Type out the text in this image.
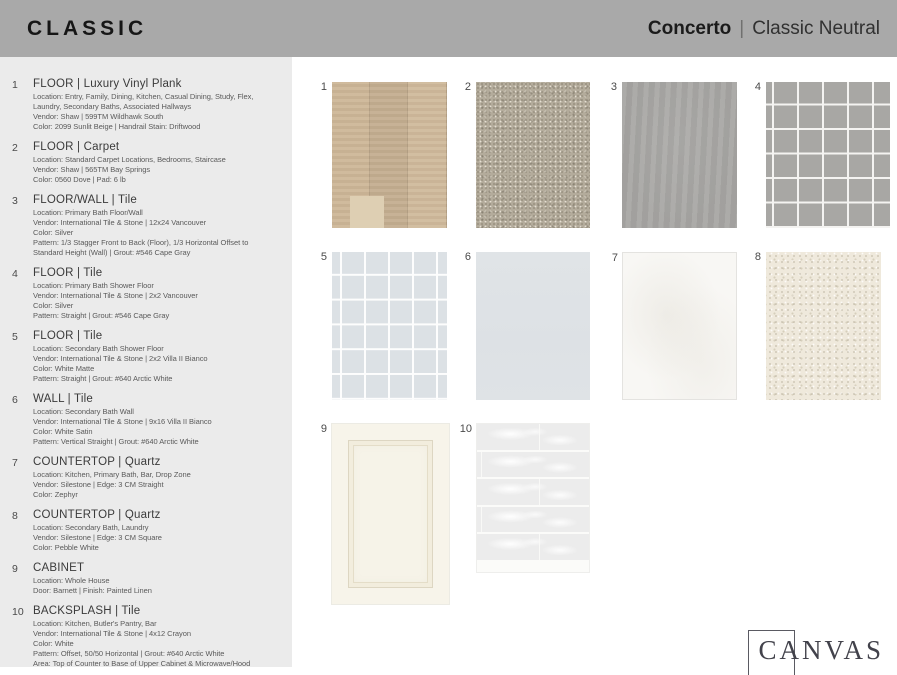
CLASSIC	Concerto | Classic Neutral
1	FLOOR | Luxury Vinyl Plank
Location: Entry, Family, Dining, Kitchen, Casual Dining, Study, Flex, Laundry, Secondary Baths, Associated Hallways
Vendor: Shaw | 599TM Wildhawk South
Color: 2099 Sunlit Beige | Handrail Stain: Driftwood
2	FLOOR | Carpet
Location: Standard Carpet Locations, Bedrooms, Staircase
Vendor: Shaw | 565TM Bay Springs
Color: 0560 Dove | Pad: 6 lb
3	FLOOR/WALL | Tile
Location: Primary Bath Floor/Wall
Vendor: International Tile & Stone | 12x24 Vancouver
Color: Silver
Pattern: 1/3 Stagger Front to Back (Floor), 1/3 Horizontal Offset to Standard Height (Wall) | Grout: #546 Cape Gray
4	FLOOR | Tile
Location: Primary Bath Shower Floor
Vendor: International Tile & Stone | 2x2 Vancouver
Color: Silver
Pattern: Straight | Grout: #546 Cape Gray
5	FLOOR | Tile
Location: Secondary Bath Shower Floor
Vendor: International Tile & Stone | 2x2 Villa II Bianco
Color: White Matte
Pattern: Straight | Grout: #640 Arctic White
6	WALL | Tile
Location: Secondary Bath Wall
Vendor: International Tile & Stone | 9x16 Villa II Bianco
Color: White Satin
Pattern: Vertical Straight | Grout: #640 Arctic White
7	COUNTERTOP | Quartz
Location: Kitchen, Primary Bath, Bar, Drop Zone
Vendor: Silestone | Edge: 3 CM Straight
Color: Zephyr
8	COUNTERTOP | Quartz
Location: Secondary Bath, Laundry
Vendor: Silestone | Edge: 3 CM Square
Color: Pebble White
9	CABINET
Location: Whole House
Door: Barnett | Finish: Painted Linen
10 BACKSPLASH | Tile
Location: Kitchen, Butler's Pantry, Bar
Vendor: International Tile & Stone | 4x12 Crayon
Color: White
Pattern: Offset, 50/50 Horizontal | Grout: #640 Arctic White
Area: Top of Counter to Base of Upper Cabinet & Microwave/Hood
1	2	3	4
5	6	7	8
9	10
CANVAS
